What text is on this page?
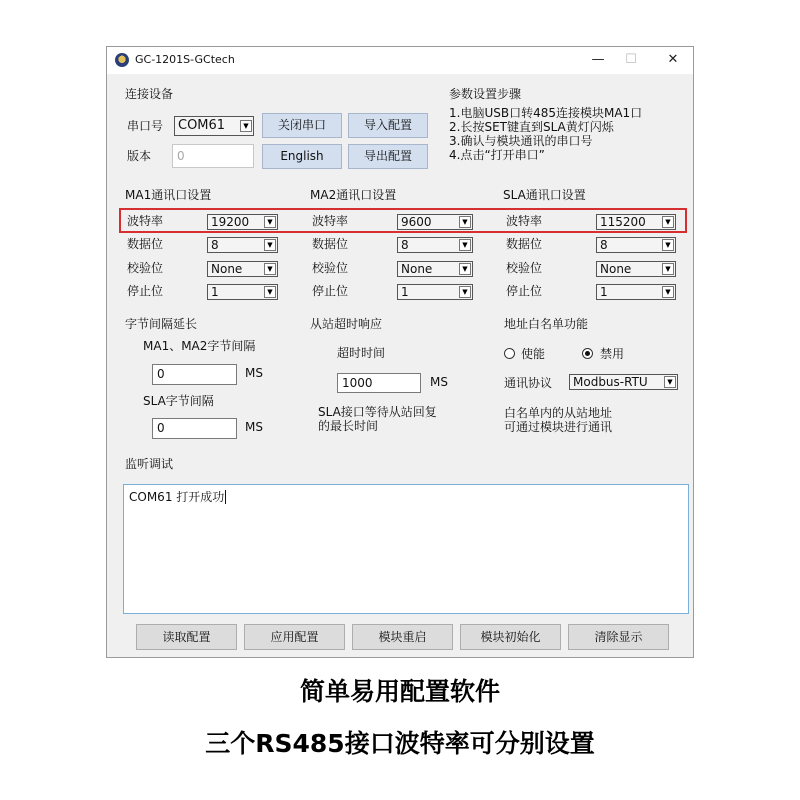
GC-1201S-GCtech	—	☐	✕
连接设备
串口号	COM61	▼
版本	0
关闭串口	导入配置
English	导出配置
参数设置步骤
1.电脑USB口转485连接模块MA1口
2.长按SET键直到SLA黄灯闪烁
3.确认与模块通讯的串口号
4.点击“打开串口”
MA1通讯口设置
波特率	19200	▼
数据位	8	▼
校验位	None	▼
停止位	1	▼
MA2通讯口设置
波特率	9600	▼
数据位	8	▼
校验位	None	▼
停止位	1	▼
SLA通讯口设置
波特率	115200	▼
数据位	8	▼
校验位	None	▼
停止位	1	▼
字节间隔延长
MA1、MA2字节间隔
0	MS
SLA字节间隔
0	MS
从站超时响应
超时时间
1000	MS
SLA接口等待从站回复
的最长时间
地址白名单功能
使能	禁用
通讯协议	Modbus-RTU	▼
白名单内的从站地址
可通过模块进行通讯
监听调试
COM61 打开成功
读取配置	应用配置	模块重启	模块初始化	清除显示
简单易用配置软件
三个RS485接口波特率可分别设置
